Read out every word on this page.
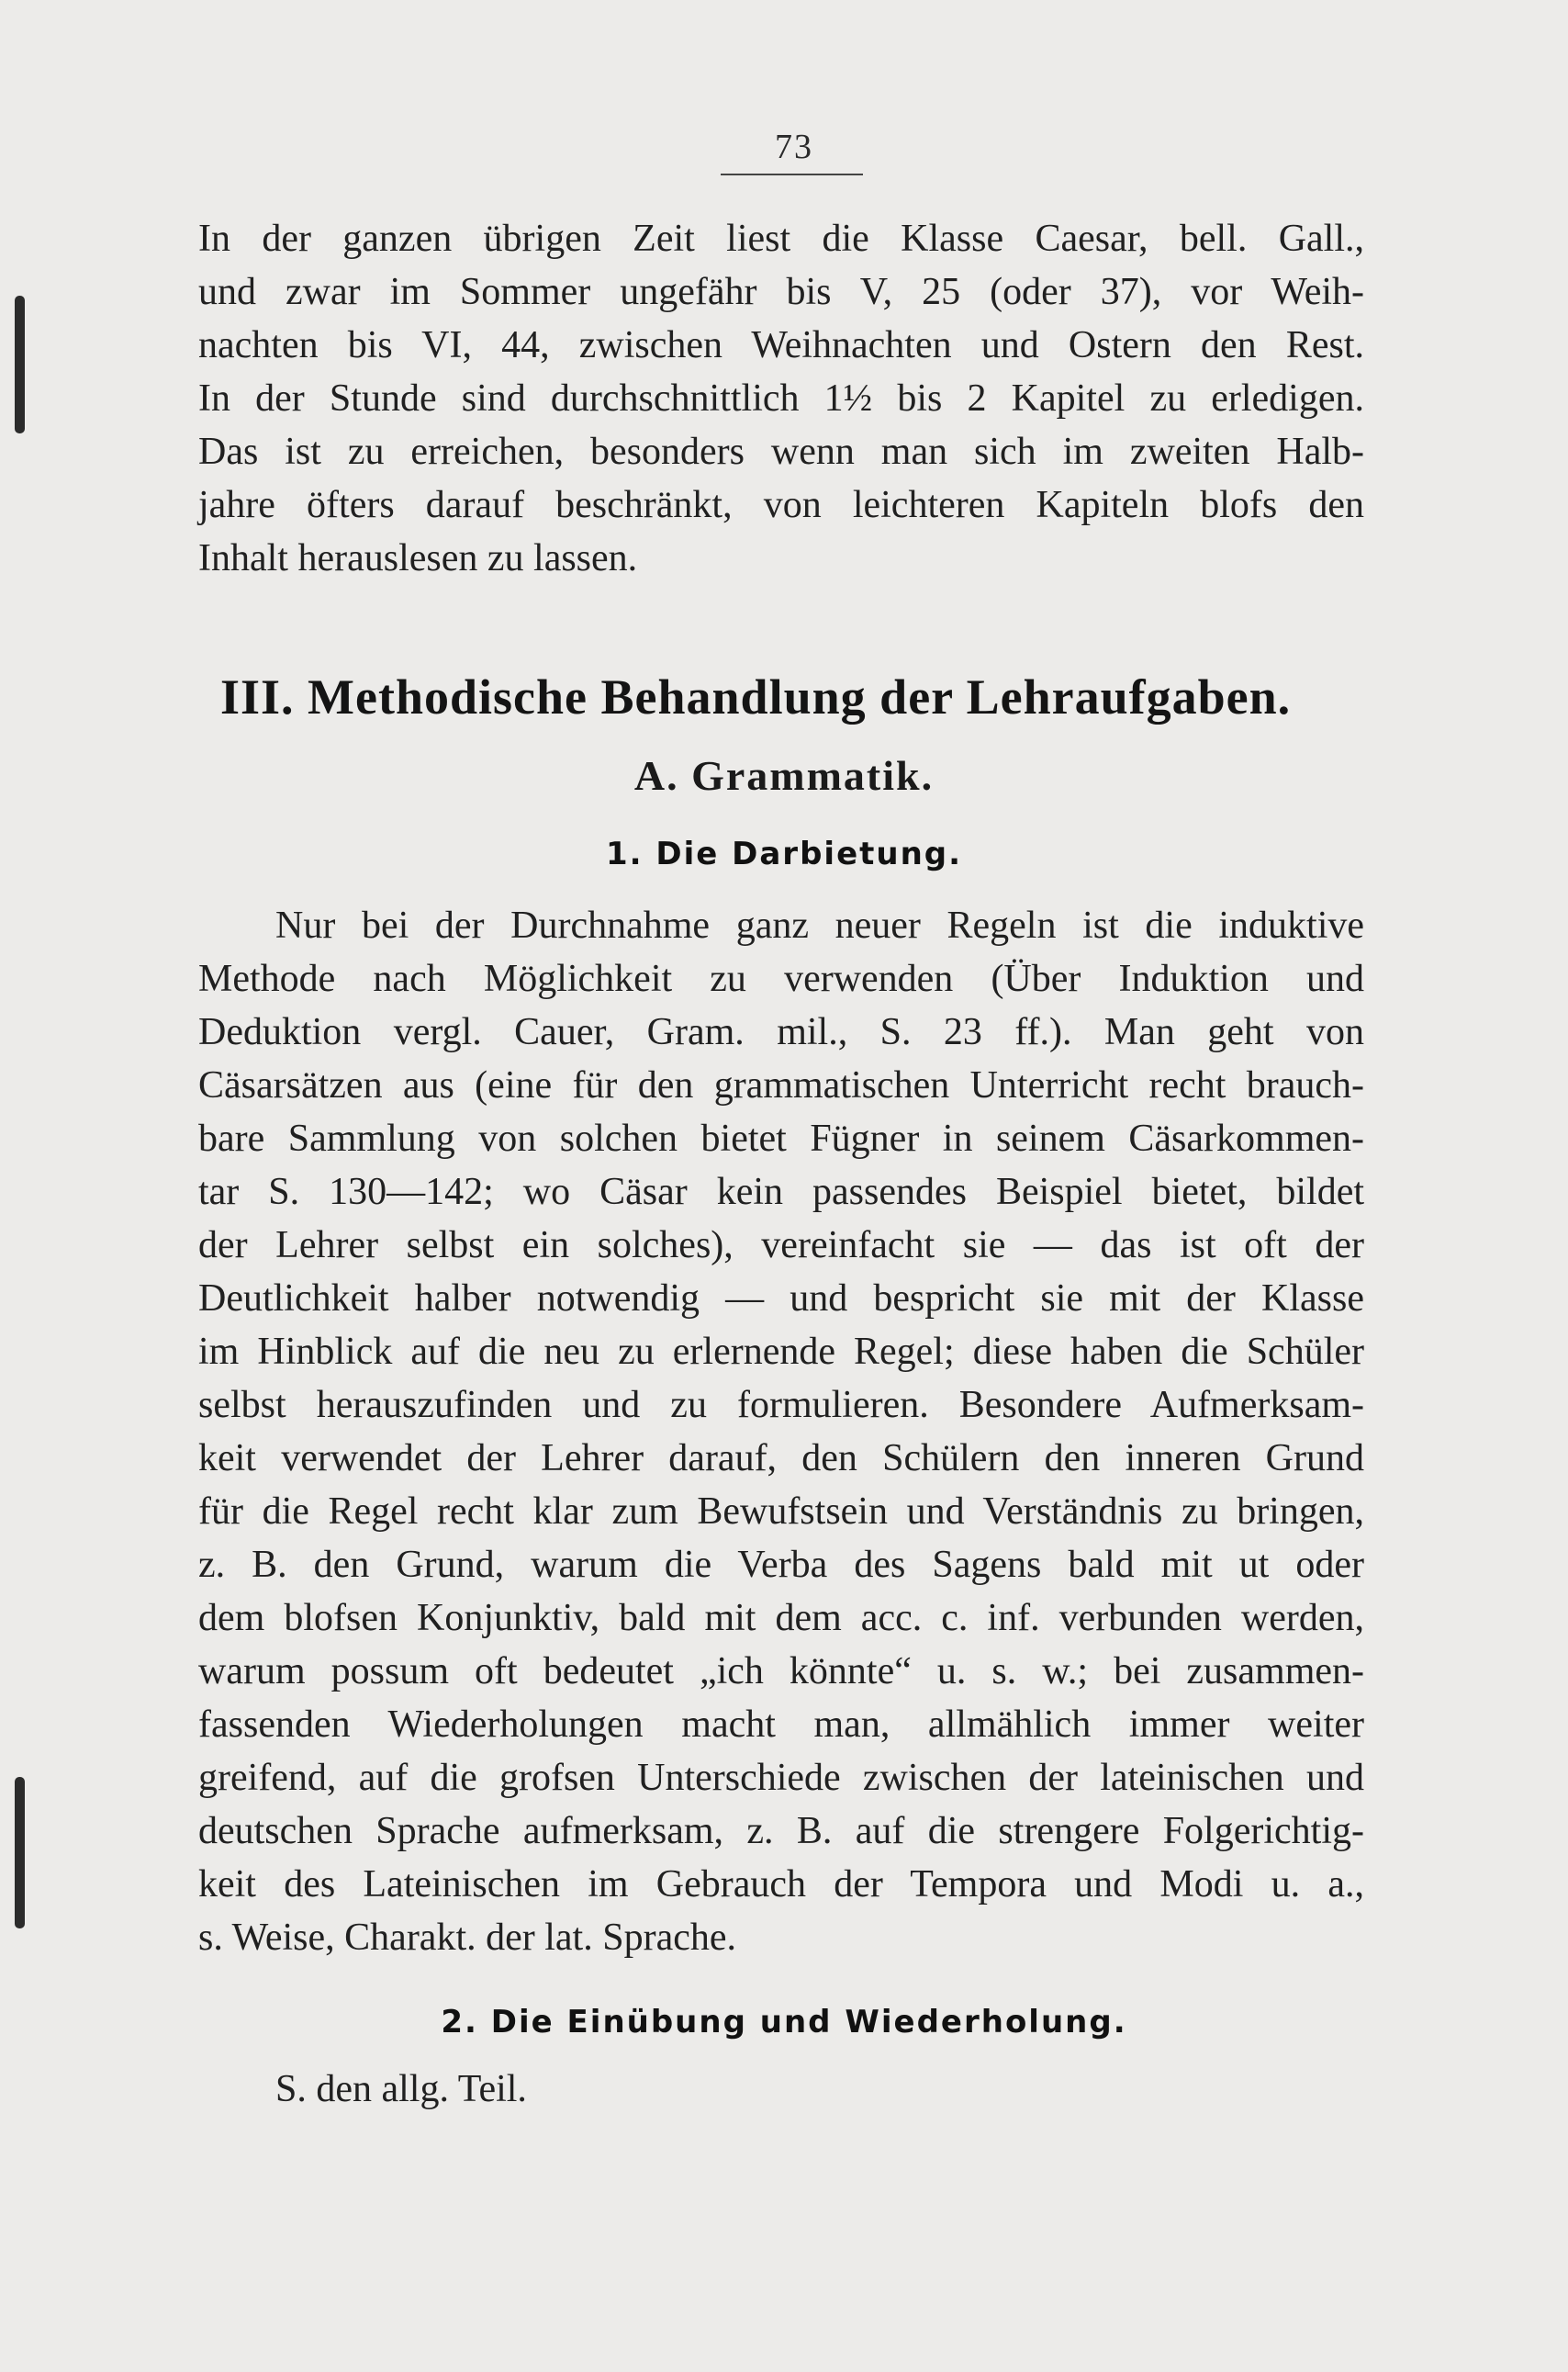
73
In der ganzen übrigen Zeit liest die Klasse Caesar, bell. Gall.,
und zwar im Sommer ungefähr bis V, 25 (oder 37), vor Weih-
nachten bis VI, 44, zwischen Weihnachten und Ostern den Rest.
In der Stunde sind durchschnittlich 1½ bis 2 Kapitel zu erledigen.
Das ist zu erreichen, besonders wenn man sich im zweiten Halb-
jahre öfters darauf beschränkt, von leichteren Kapiteln blofs den
Inhalt herauslesen zu lassen.
III. Methodische Behandlung der Lehraufgaben.
A. Grammatik.
1. Die Darbietung.
Nur bei der Durchnahme ganz neuer Regeln ist die induktive
Methode nach Möglichkeit zu verwenden (Über Induktion und
Deduktion vergl. Cauer, Gram. mil., S. 23 ff.). Man geht von
Cäsarsätzen aus (eine für den grammatischen Unterricht recht brauch-
bare Sammlung von solchen bietet Fügner in seinem Cäsarkommen-
tar S. 130—142; wo Cäsar kein passendes Beispiel bietet, bildet
der Lehrer selbst ein solches), vereinfacht sie — das ist oft der
Deutlichkeit halber notwendig — und bespricht sie mit der Klasse
im Hinblick auf die neu zu erlernende Regel; diese haben die Schüler
selbst herauszufinden und zu formulieren. Besondere Aufmerksam-
keit verwendet der Lehrer darauf, den Schülern den inneren Grund
für die Regel recht klar zum Bewufstsein und Verständnis zu bringen,
z. B. den Grund, warum die Verba des Sagens bald mit ut oder
dem blofsen Konjunktiv, bald mit dem acc. c. inf. verbunden werden,
warum possum oft bedeutet „ich könnte“ u. s. w.; bei zusammen-
fassenden Wiederholungen macht man, allmählich immer weiter
greifend, auf die grofsen Unterschiede zwischen der lateinischen und
deutschen Sprache aufmerksam, z. B. auf die strengere Folgerichtig-
keit des Lateinischen im Gebrauch der Tempora und Modi u. a.,
s. Weise, Charakt. der lat. Sprache.
2. Die Einübung und Wiederholung.
S. den allg. Teil.
